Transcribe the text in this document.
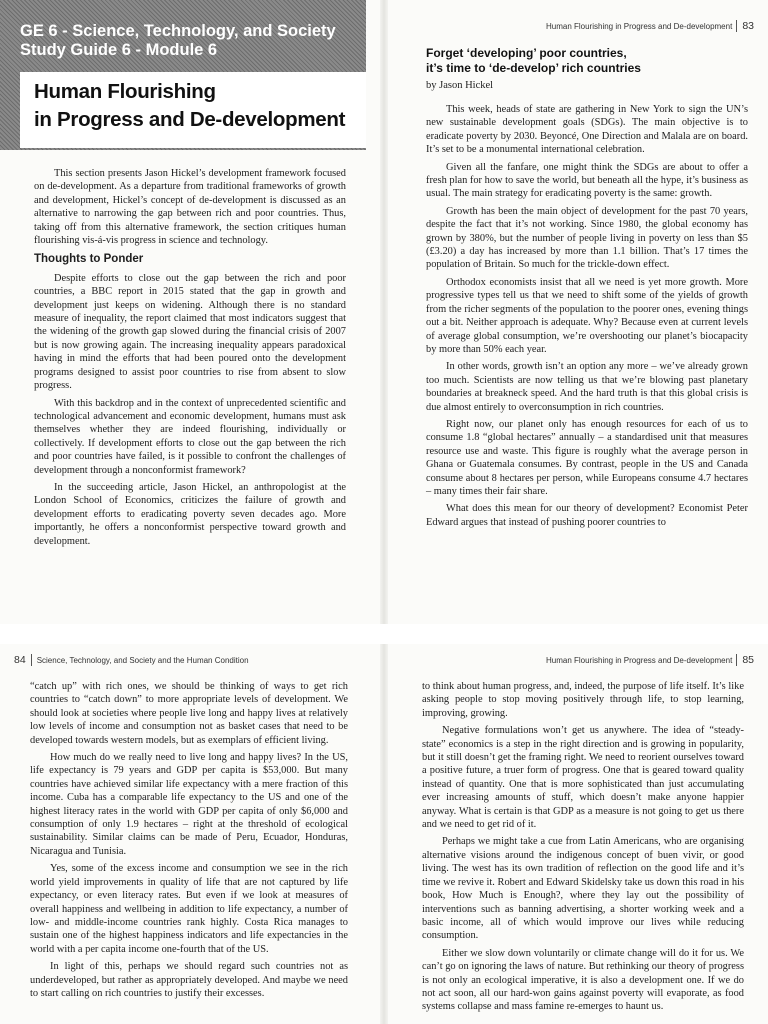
GE 6 - Science, Technology, and Society
Study Guide 6 - Module 6
Human Flourishing
in Progress and De-development

This section presents Jason Hickel’s development framework focused on de-development. As a departure from traditional frameworks of growth and development, Hickel’s concept of de-development is discussed as an alternative to narrowing the gap between rich and poor countries. Thus, taking off from this alternative framework, the section critiques human flourishing vis-á-vis progress in science and technology.

Thoughts to Ponder

Despite efforts to close out the gap between the rich and poor countries, a BBC report in 2015 stated that the gap in growth and development just keeps on widening. Although there is no standard measure of inequality, the report claimed that most indicators suggest that the widening of the growth gap slowed during the financial crisis of 2007 but is now growing again. The increasing inequality appears paradoxical having in mind the efforts that had been poured onto the development programs designed to assist poor countries to rise from absent to slow progress.

With this backdrop and in the context of unprecedented scientific and technological advancement and economic development, humans must ask themselves whether they are indeed flourishing, individually or collectively. If development efforts to close out the gap between the rich and poor countries have failed, is it possible to confront the challenges of development through a nonconformist framework?

In the succeeding article, Jason Hickel, an anthropologist at the London School of Economics, criticizes the failure of growth and development efforts to eradicating poverty seven decades ago. More importantly, he offers a nonconformist perspective toward growth and development.

Human Flourishing in Progress and De-development 83
Forget ‘developing’ poor countries,
it’s time to ‘de-develop’ rich countries
by Jason Hickel

This week, heads of state are gathering in New York to sign the UN’s new sustainable development goals (SDGs). The main objective is to eradicate poverty by 2030. Beyoncé, One Direction and Malala are on board. It’s set to be a monumental international celebration.

Given all the fanfare, one might think the SDGs are about to offer a fresh plan for how to save the world, but beneath all the hype, it’s business as usual. The main strategy for eradicating poverty is the same: growth.

Growth has been the main object of development for the past 70 years, despite the fact that it’s not working. Since 1980, the global economy has grown by 380%, but the number of people living in poverty on less than $5 (£3.20) a day has increased by more than 1.1 billion. That’s 17 times the population of Britain. So much for the trickle-down effect.

Orthodox economists insist that all we need is yet more growth. More progressive types tell us that we need to shift some of the yields of growth from the richer segments of the population to the poorer ones, evening things out a bit. Neither approach is adequate. Why? Because even at current levels of average global consumption, we’re overshooting our planet’s biocapacity by more than 50% each year.

In other words, growth isn’t an option any more – we’ve already grown too much. Scientists are now telling us that we’re blowing past planetary boundaries at breakneck speed. And the hard truth is that this global crisis is due almost entirely to overconsumption in rich countries.

Right now, our planet only has enough resources for each of us to consume 1.8 “global hectares” annually – a standardised unit that measures resource use and waste. This figure is roughly what the average person in Ghana or Guatemala consumes. By contrast, people in the US and Canada consume about 8 hectares per person, while Europeans consume 4.7 hectares – many times their fair share.

What does this mean for our theory of development? Economist Peter Edward argues that instead of pushing poorer countries to

84 Science, Technology, and Society and the Human Condition

“catch up” with rich ones, we should be thinking of ways to get rich countries to “catch down” to more appropriate levels of development. We should look at societies where people live long and happy lives at relatively low levels of income and consumption not as basket cases that need to be developed towards western models, but as exemplars of efficient living.

How much do we really need to live long and happy lives? In the US, life expectancy is 79 years and GDP per capita is $53,000. But many countries have achieved similar life expectancy with a mere fraction of this income. Cuba has a comparable life expectancy to the US and one of the highest literacy rates in the world with GDP per capita of only $6,000 and consumption of only 1.9 hectares – right at the threshold of ecological sustainability. Similar claims can be made of Peru, Ecuador, Honduras, Nicaragua and Tunisia.

Yes, some of the excess income and consumption we see in the rich world yield improvements in quality of life that are not captured by life expectancy, or even literacy rates. But even if we look at measures of overall happiness and wellbeing in addition to life expectancy, a number of low- and middle-income countries rank highly. Costa Rica manages to sustain one of the highest happiness indicators and life expectancies in the world with a per capita income one-fourth that of the US.

In light of this, perhaps we should regard such countries not as underdeveloped, but rather as appropriately developed. And maybe we need to start calling on rich countries to justify their excesses.

Human Flourishing in Progress and De-development 85

to think about human progress, and, indeed, the purpose of life itself. It’s like asking people to stop moving positively through life, to stop learning, improving, growing.

Negative formulations won’t get us anywhere. The idea of “steady-state” economics is a step in the right direction and is growing in popularity, but it still doesn’t get the framing right. We need to reorient ourselves toward a positive future, a truer form of progress. One that is geared toward quality instead of quantity. One that is more sophisticated than just accumulating ever increasing amounts of stuff, which doesn’t make anyone happier anyway. What is certain is that GDP as a measure is not going to get us there and we need to get rid of it.

Perhaps we might take a cue from Latin Americans, who are organising alternative visions around the indigenous concept of buen vivir, or good living. The west has its own tradition of reflection on the good life and it’s time we revive it. Robert and Edward Skidelsky take us down this road in his book, How Much is Enough?, where they lay out the possibility of interventions such as banning advertising, a shorter working week and a basic income, all of which would improve our lives while reducing consumption.

Either we slow down voluntarily or climate change will do it for us. We can’t go on ignoring the laws of nature. But rethinking our theory of progress is not only an ecological imperative, it is also a development one. If we do not act soon, all our hard-won gains against poverty will evaporate, as food systems collapse and mass famine re-emerges to haunt us.
